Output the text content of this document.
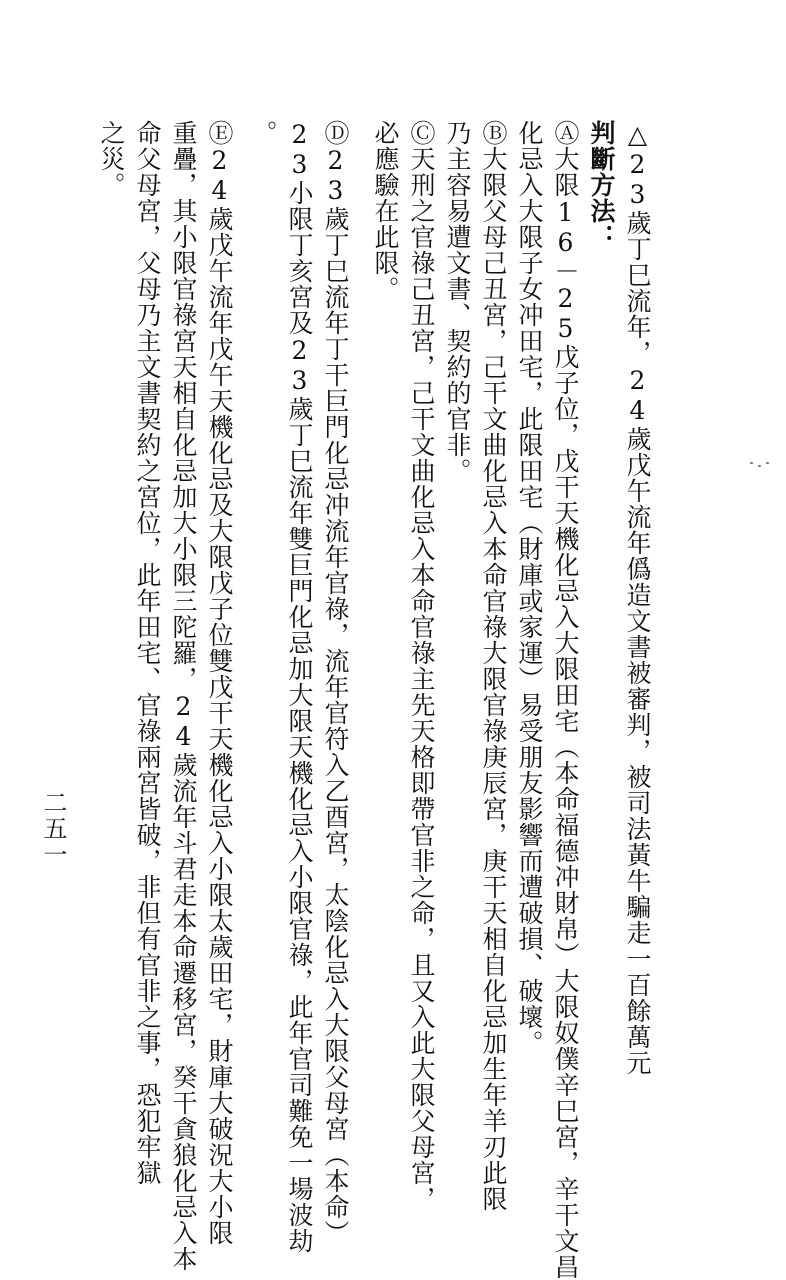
△23歲丁巳流年，24歲戊午流年僞造文書被審判，被司法黃牛騙走一百餘萬元
判斷方法：
Ⓐ大限16－25戊子位，戊干天機化忌入大限田宅（本命福德冲財帛）大限奴僕辛巳宮，辛干文昌
化忌入大限子女冲田宅，此限田宅（財庫或家運）易受朋友影響而遭破損、破壞。
Ⓑ大限父母己丑宮，己干文曲化忌入本命官祿大限官祿庚辰宮，庚干天相自化忌加生年羊刃此限
乃主容易遭文書、契約的官非。
Ⓒ天刑之官祿己丑宮，己干文曲化忌入本命官祿主先天格即帶官非之命，且又入此大限父母宮，
必應驗在此限。
Ⓓ23歲丁巳流年丁干巨門化忌冲流年官祿，流年官符入乙酉宮，太陰化忌入大限父母宮（本命）
23小限丁亥宮及23歲丁巳流年雙巨門化忌加大限天機化忌入小限官祿，此年官司難免一場波劫
。
Ⓔ24歲戊午流年戊午天機化忌及大限戊子位雙戊干天機化忌入小限太歲田宅，財庫大破況大小限
重疊，其小限官祿宮天相自化忌加大小限三陀羅，24歲流年斗君走本命遷移宮，癸干貪狼化忌入本
命父母宮，父母乃主文書契約之宮位，此年田宅、官祿兩宮皆破，非但有官非之事，恐犯牢獄
之災。
二五一
